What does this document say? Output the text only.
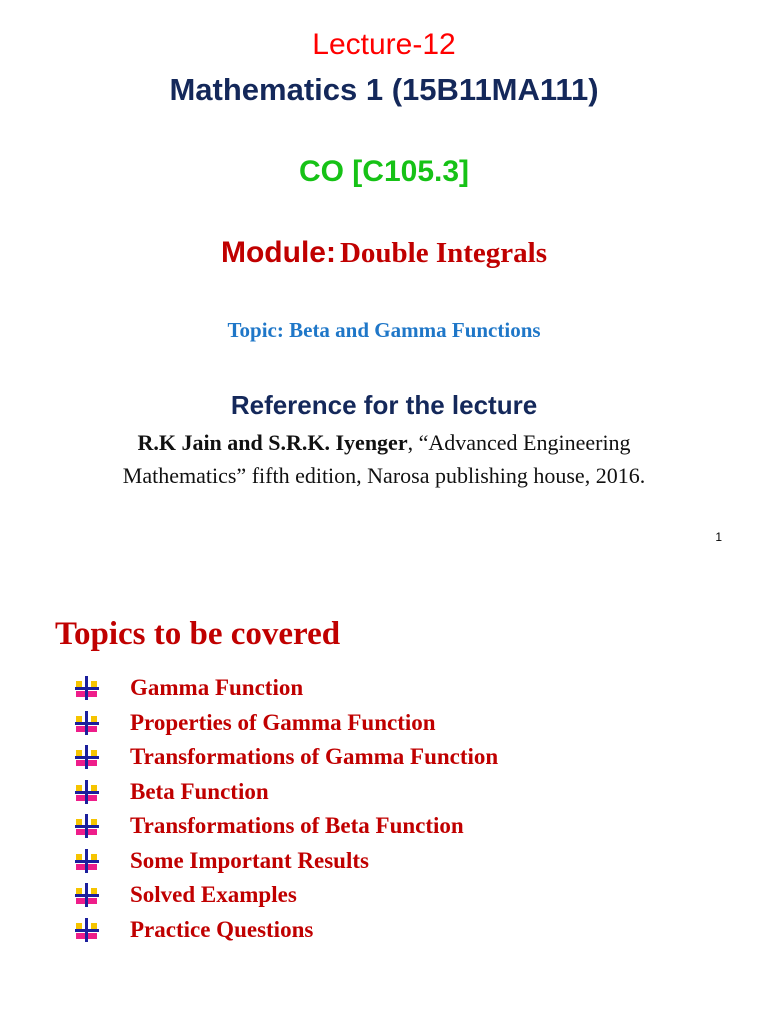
Lecture-12
Mathematics 1 (15B11MA111)
CO [C105.3]
Module: Double Integrals
Topic: Beta and Gamma Functions
Reference for the lecture
R.K Jain and S.R.K. Iyenger, “Advanced Engineering
Mathematics” fifth edition, Narosa publishing house, 2016.
1
Topics to be covered
Gamma Function
Properties of Gamma Function
Transformations of Gamma Function
Beta Function
Transformations of Beta Function
Some Important Results
Solved Examples
Practice Questions
